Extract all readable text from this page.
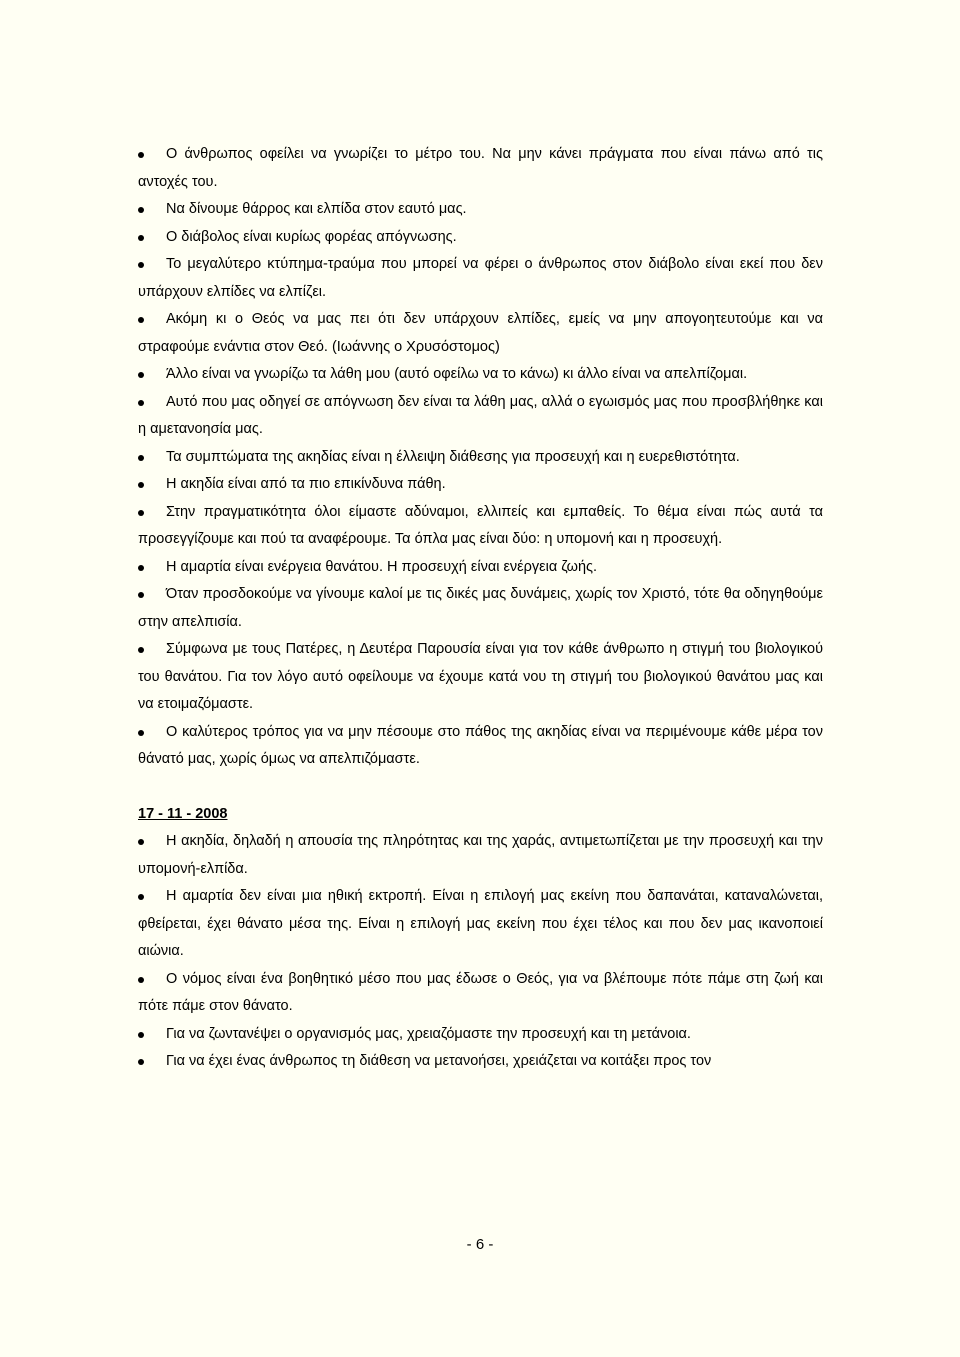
Ο άνθρωπος οφείλει να γνωρίζει το μέτρο του. Να μην κάνει πράγματα που είναι πάνω από τις αντοχές του.
Να δίνουμε θάρρος και ελπίδα στον εαυτό μας.
Ο διάβολος είναι κυρίως φορέας απόγνωσης.
Το μεγαλύτερο κτύπημα-τραύμα που μπορεί να φέρει ο άνθρωπος στον διάβολο είναι εκεί που δεν υπάρχουν ελπίδες να ελπίζει.
Ακόμη κι ο Θεός να μας πει ότι δεν υπάρχουν ελπίδες, εμείς να μην απογοητευτούμε και να στραφούμε ενάντια στον Θεό. (Ιωάννης ο Χρυσόστομος)
Άλλο είναι να γνωρίζω τα λάθη μου (αυτό οφείλω να το κάνω) κι άλλο είναι να απελπίζομαι.
Αυτό που μας οδηγεί σε απόγνωση δεν είναι τα λάθη μας, αλλά ο εγωισμός μας που προσβλήθηκε και η αμετανοησία μας.
Τα συμπτώματα της ακηδίας είναι η έλλειψη διάθεσης για προσευχή και η ευερεθιστότητα.
Η ακηδία είναι από τα πιο επικίνδυνα πάθη.
Στην πραγματικότητα όλοι είμαστε αδύναμοι, ελλιπείς και εμπαθείς. Το θέμα είναι πώς αυτά τα προσεγγίζουμε και πού τα αναφέρουμε. Τα όπλα μας είναι δύο: η υπομονή και η προσευχή.
Η αμαρτία είναι ενέργεια θανάτου. Η προσευχή είναι ενέργεια ζωής.
Όταν προσδοκούμε να γίνουμε καλοί με τις δικές μας δυνάμεις, χωρίς τον Χριστό, τότε θα οδηγηθούμε στην απελπισία.
Σύμφωνα με τους Πατέρες, η Δευτέρα Παρουσία είναι για τον κάθε άνθρωπο η στιγμή του βιολογικού του θανάτου. Για τον λόγο αυτό οφείλουμε να έχουμε κατά νου τη στιγμή του βιολογικού θανάτου μας και να ετοιμαζόμαστε.
Ο καλύτερος τρόπος για να μην πέσουμε στο πάθος της ακηδίας είναι να περιμένουμε κάθε μέρα τον θάνατό μας, χωρίς όμως να απελπιζόμαστε.
17 - 11 - 2008
Η ακηδία, δηλαδή η απουσία της πληρότητας και της χαράς, αντιμετωπίζεται με την προσευχή και την υπομονή-ελπίδα.
Η αμαρτία δεν είναι μια ηθική εκτροπή. Είναι η επιλογή μας εκείνη που δαπανάται, καταναλώνεται, φθείρεται, έχει θάνατο μέσα της. Είναι η επιλογή μας εκείνη που έχει τέλος και που δεν μας ικανοποιεί αιώνια.
Ο νόμος είναι ένα βοηθητικό μέσο που μας έδωσε ο Θεός, για να βλέπουμε πότε πάμε στη ζωή και πότε πάμε στον θάνατο.
Για να ζωντανέψει ο οργανισμός μας, χρειαζόμαστε την προσευχή και τη μετάνοια.
Για να έχει ένας άνθρωπος τη διάθεση να μετανοήσει, χρειάζεται να κοιτάξει προς τον
- 6 -
